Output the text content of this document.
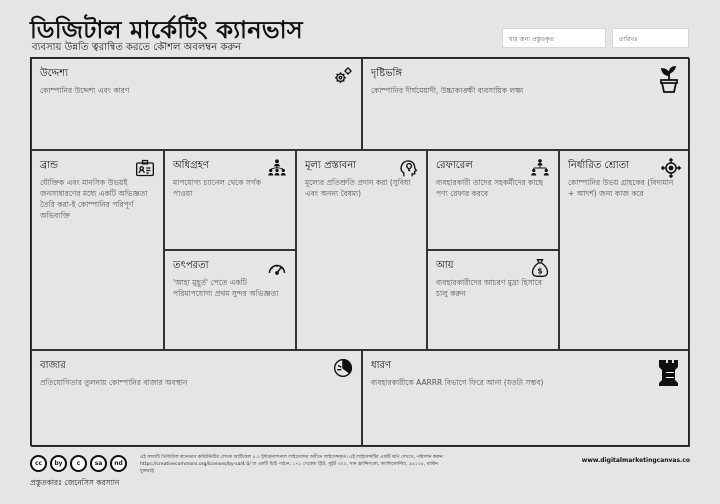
ডিজিটাল মার্কেটিং ক্যানভাস
ব্যবসায় উন্নতি ত্বরান্বিত করতে কৌশল অবলম্বন করুন
যার জন্য প্রস্তুতকৃত	তারিখঃ
উদ্দেশ্য

কোম্পানির উদ্দেশ্য এবং কারণ

দৃষ্টিভঙ্গি

কোম্পানির দীর্ঘমেয়াদী, উচ্চাকাঙ্ক্ষী ব্যবসায়িক লক্ষ্য

ব্রান্ড

যৌক্তিক এবং মানসিক উভয়ই জনসাধারণের মধ্যে একটি অভিজ্ঞতা তৈরি করা-ই কোম্পানির পরিপূর্ণ অভিব্যক্তি

অধিগ্রহণ

মাপযোগ্য চ্যানেল থেকে সর্গক পাওয়া

তৎপরতা

'আহা মুহূর্ত' পেতে একটি পরিমাপযোগ্য প্রথম সুন্দর অভিজ্ঞতা

মূল্য প্রস্তাবনা

মূল্যের প্রতিশ্রুতি প্রদান করা (সুবিধা এবং অনন্য বৈষম্য)

রেফারেল

ব্যবহারকারী তাদের সহকর্মীদের কাছে পণ্য রেফার করবে

আয়

ব্যবহারকারীদের আচরণ মুদ্রা হিসাবে চালু করুন

$
নির্ধারিত শ্রোতা

কোম্পানির উভয় গ্রাহকের (বিদ্যমান + আদর্শ) জন্য কাজ করে

বাজার

প্রতিযোগিতার তুলনায় কোম্পানির বাজার অবস্থান

ধারণ

ব্যবহারকারীকে AARRR বিভাগে ফিরে আনা (যতটা সম্ভব)

cc	by	c	sa	nd
এই কাজটি ডিজিটাল ক্যানভাস কমিউনিটির লেখক আর্টিকেল ৪.০ ইন্টারন্যাশনাল লাইসেন্সের অধীনে লাইসেন্সকৃত। এই লাইসেন্সটির একটি কপি দেখতে, পরিদর্শন করুন: https://creativecommons.org/licenses/by-sa/4.0/ বা একটি চিঠি পাঠান, ১৭১ সেকেন্ড স্ট্রিট, সুইট ৩০০, সান ফ্রান্সিসকো, ক্যালিফোর্নিয়া, ৯৪১০৫, মার্কিন যুক্তরাষ্ট্র
www.digitalmarketingcanvas.co
প্রস্তুতকারঃ জেনেসিস করস্যান
